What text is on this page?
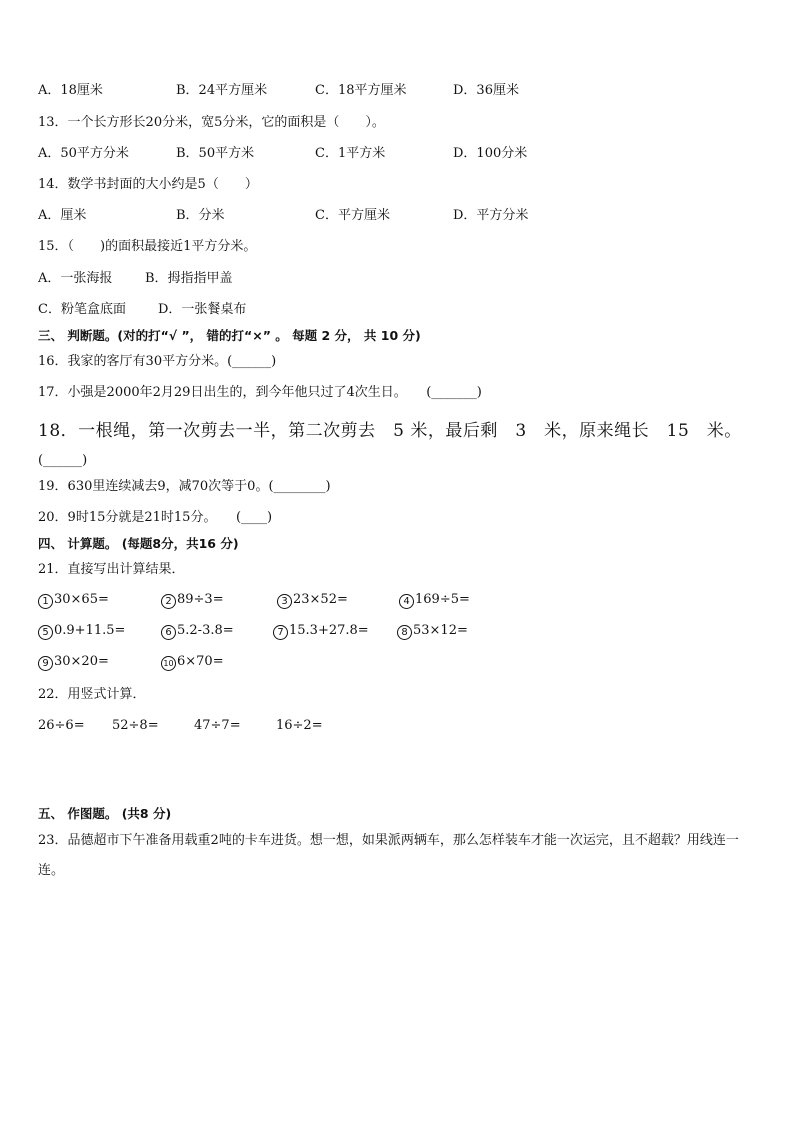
A．18厘米	B．24平方厘米	C．18平方厘米	D．36厘米
13．一个长方形长20分米，宽5分米，它的面积是（　　）。
A．50平方分米	B．50平方米	C．1平方米	D．100分米
14．数学书封面的大小约是5（　　）
A．厘米	B．分米	C．平方厘米	D．平方分米
15．（　　)的面积最接近1平方分米。
A．一张海报	B．拇指指甲盖
C．粉笔盒底面 D．一张餐桌布
三、 判断题。(对的打“√ ”， 错的打“×” 。 每题 2 分， 共 10 分)
16．我家的客厅有30平方分米。(______)
17．小强是2000年2月29日出生的，到今年他只过了4次生日。　　(_______)
18．一根绳，第一次剪去一半，第二次剪去　5 米，最后剩　3　米，原来绳长　15　米。
(______)
19．630里连续减去9，减70次等于0。(________)
20．9时15分就是21时15分。　　(____)
四、 计算题。 (每题8分，共16 分)
21．直接写出计算结果．
1 30×65=	2 89÷3=	3 23×52=	4 169÷5=
5 0.9+11.5=	6 5.2-3.8=	7 15.3+27.8=	8 53×12=
9 30×20=	10 6×70=
22．用竖式计算．
26÷6= 52÷8=	47÷7=	16÷2=
五、 作图题。 (共8 分)
23．品德超市下午准备用载重2吨的卡车进货。想一想，如果派两辆车，那么怎样装车才能一次运完，且不超载？用线连一连。
